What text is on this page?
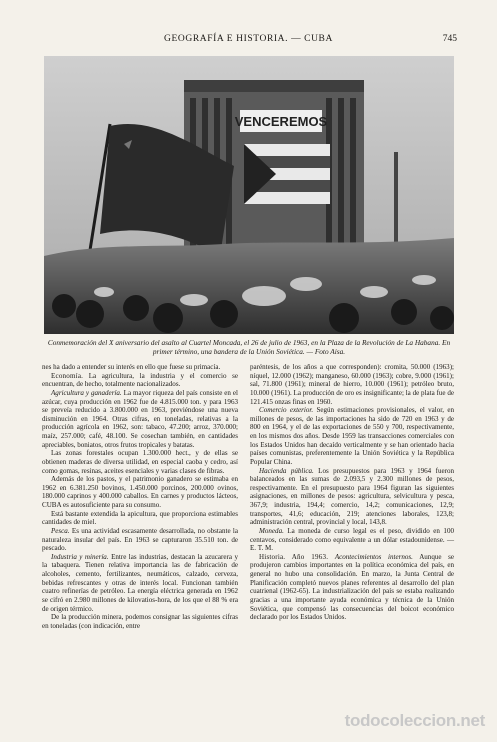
GEOGRAFÍA E HISTORIA. — CUBA	745
VENCEREMOS
Conmemoración del X aniversario del asalto al Cuartel Moncada, el 26 de julio de 1963, en la Plaza de la Revolución de La Habana. En primer término, una bandera de la Unión Soviética. — Foto Aisa.

nes ha dado a entender su interés en ello que fuese su primacía.

Economía. La agricultura, la industria y el comercio se encuentran, de hecho, totalmente nacionalizados.

Agricultura y ganadería. La mayor riqueza del país consiste en el azúcar, cuya producción en 1962 fue de 4.815.000 ton. y para 1963 se preveía reducido a 3.800.000 en 1963, previéndose una nueva disminución en 1964. Otras cifras, en toneladas, relativas a la producción agrícola en 1962, son: tabaco, 47.200; arroz, 370.000; maíz, 257.000; café, 48.100. Se cosechan también, en cantidades apreciables, boniatos, otros frutos tropicales y batatas.

Las zonas forestales ocupan 1.300.000 hect., y de ellas se obtienen maderas de diversa utilidad, en especial caoba y cedro, así como gomas, resinas, aceites esenciales y varias clases de fibras.

Además de los pastos, y el patrimonio ganadero se estimaba en 1962 en 6.381.250 bovinos, 1.450.000 porcinos, 200.000 ovinos, 180.000 caprinos y 400.000 caballos. En carnes y productos lácteos, CUBA es autosuficiente para su consumo.

Está bastante extendida la apicultura, que proporciona estimables cantidades de miel.

Pesca. Es una actividad escasamente desarrollada, no obstante la naturaleza insular del país. En 1963 se capturaron 35.510 ton. de pescado.

Industria y minería. Entre las industrias, destacan la azucarera y la tabaquera. Tienen relativa importancia las de fabricación de alcoholes, cemento, fertilizantes, neumáticos, calzado, cerveza, bebidas refrescantes y otras de interés local. Funcionan también cuatro refinerías de petróleo. La energía eléctrica generada en 1962 se cifró en 2.980 millones de kilovatios-hora, de los que el 88 % era de origen térmico.

De la producción minera, podemos consignar las siguientes cifras en toneladas (con indicación, entre

paréntesis, de los años a que corresponden): cromita, 50.000 (1963); níquel, 12.000 (1962); manganeso, 60.000 (1963); cobre, 9.000 (1961); sal, 71.800 (1961); mineral de hierro, 10.000 (1961); petróleo bruto, 10.000 (1961). La producción de oro es insignificante; la de plata fue de 121.415 onzas finas en 1960.

Comercio exterior. Según estimaciones provisionales, el valor, en millones de pesos, de las importaciones ha sido de 720 en 1963 y de 800 en 1964, y el de las exportaciones de 550 y 700, respectivamente, en los mismos dos años. Desde 1959 las transacciones comerciales con los Estados Unidos han decaído verticalmente y se han orientado hacia países comunistas, preferentemente la Unión Soviética y la República Popular China.

Hacienda pública. Los presupuestos para 1963 y 1964 fueron balanceados en las sumas de 2.093,5 y 2.300 millones de pesos, respectivamente. En el presupuesto para 1964 figuran las siguientes asignaciones, en millones de pesos: agricultura, selvicultura y pesca, 367,9; industria, 194,4; comercio, 14,2; comunicaciones, 12,9; transportes, 41,6; educación, 219; atenciones laborales, 123,8; administración central, provincial y local, 143,8.

Moneda. La moneda de curso legal es el peso, dividido en 100 centavos, considerado como equivalente a un dólar estadounidense. — E. T. M.

Historia. Año 1963. Acontecimientos internos. Aunque se produjeron cambios importantes en la política económica del país, en general no hubo una consolidación. En marzo, la Junta Central de Planificación completó nuevos planes referentes al desarrollo del plan cuatrienal (1962-65). La industrialización del país se estaba realizando gracias a una importante ayuda económica y técnica de la Unión Soviética, que compensó las consecuencias del boicot económico declarado por los Estados Unidos.

todocoleccion.net
